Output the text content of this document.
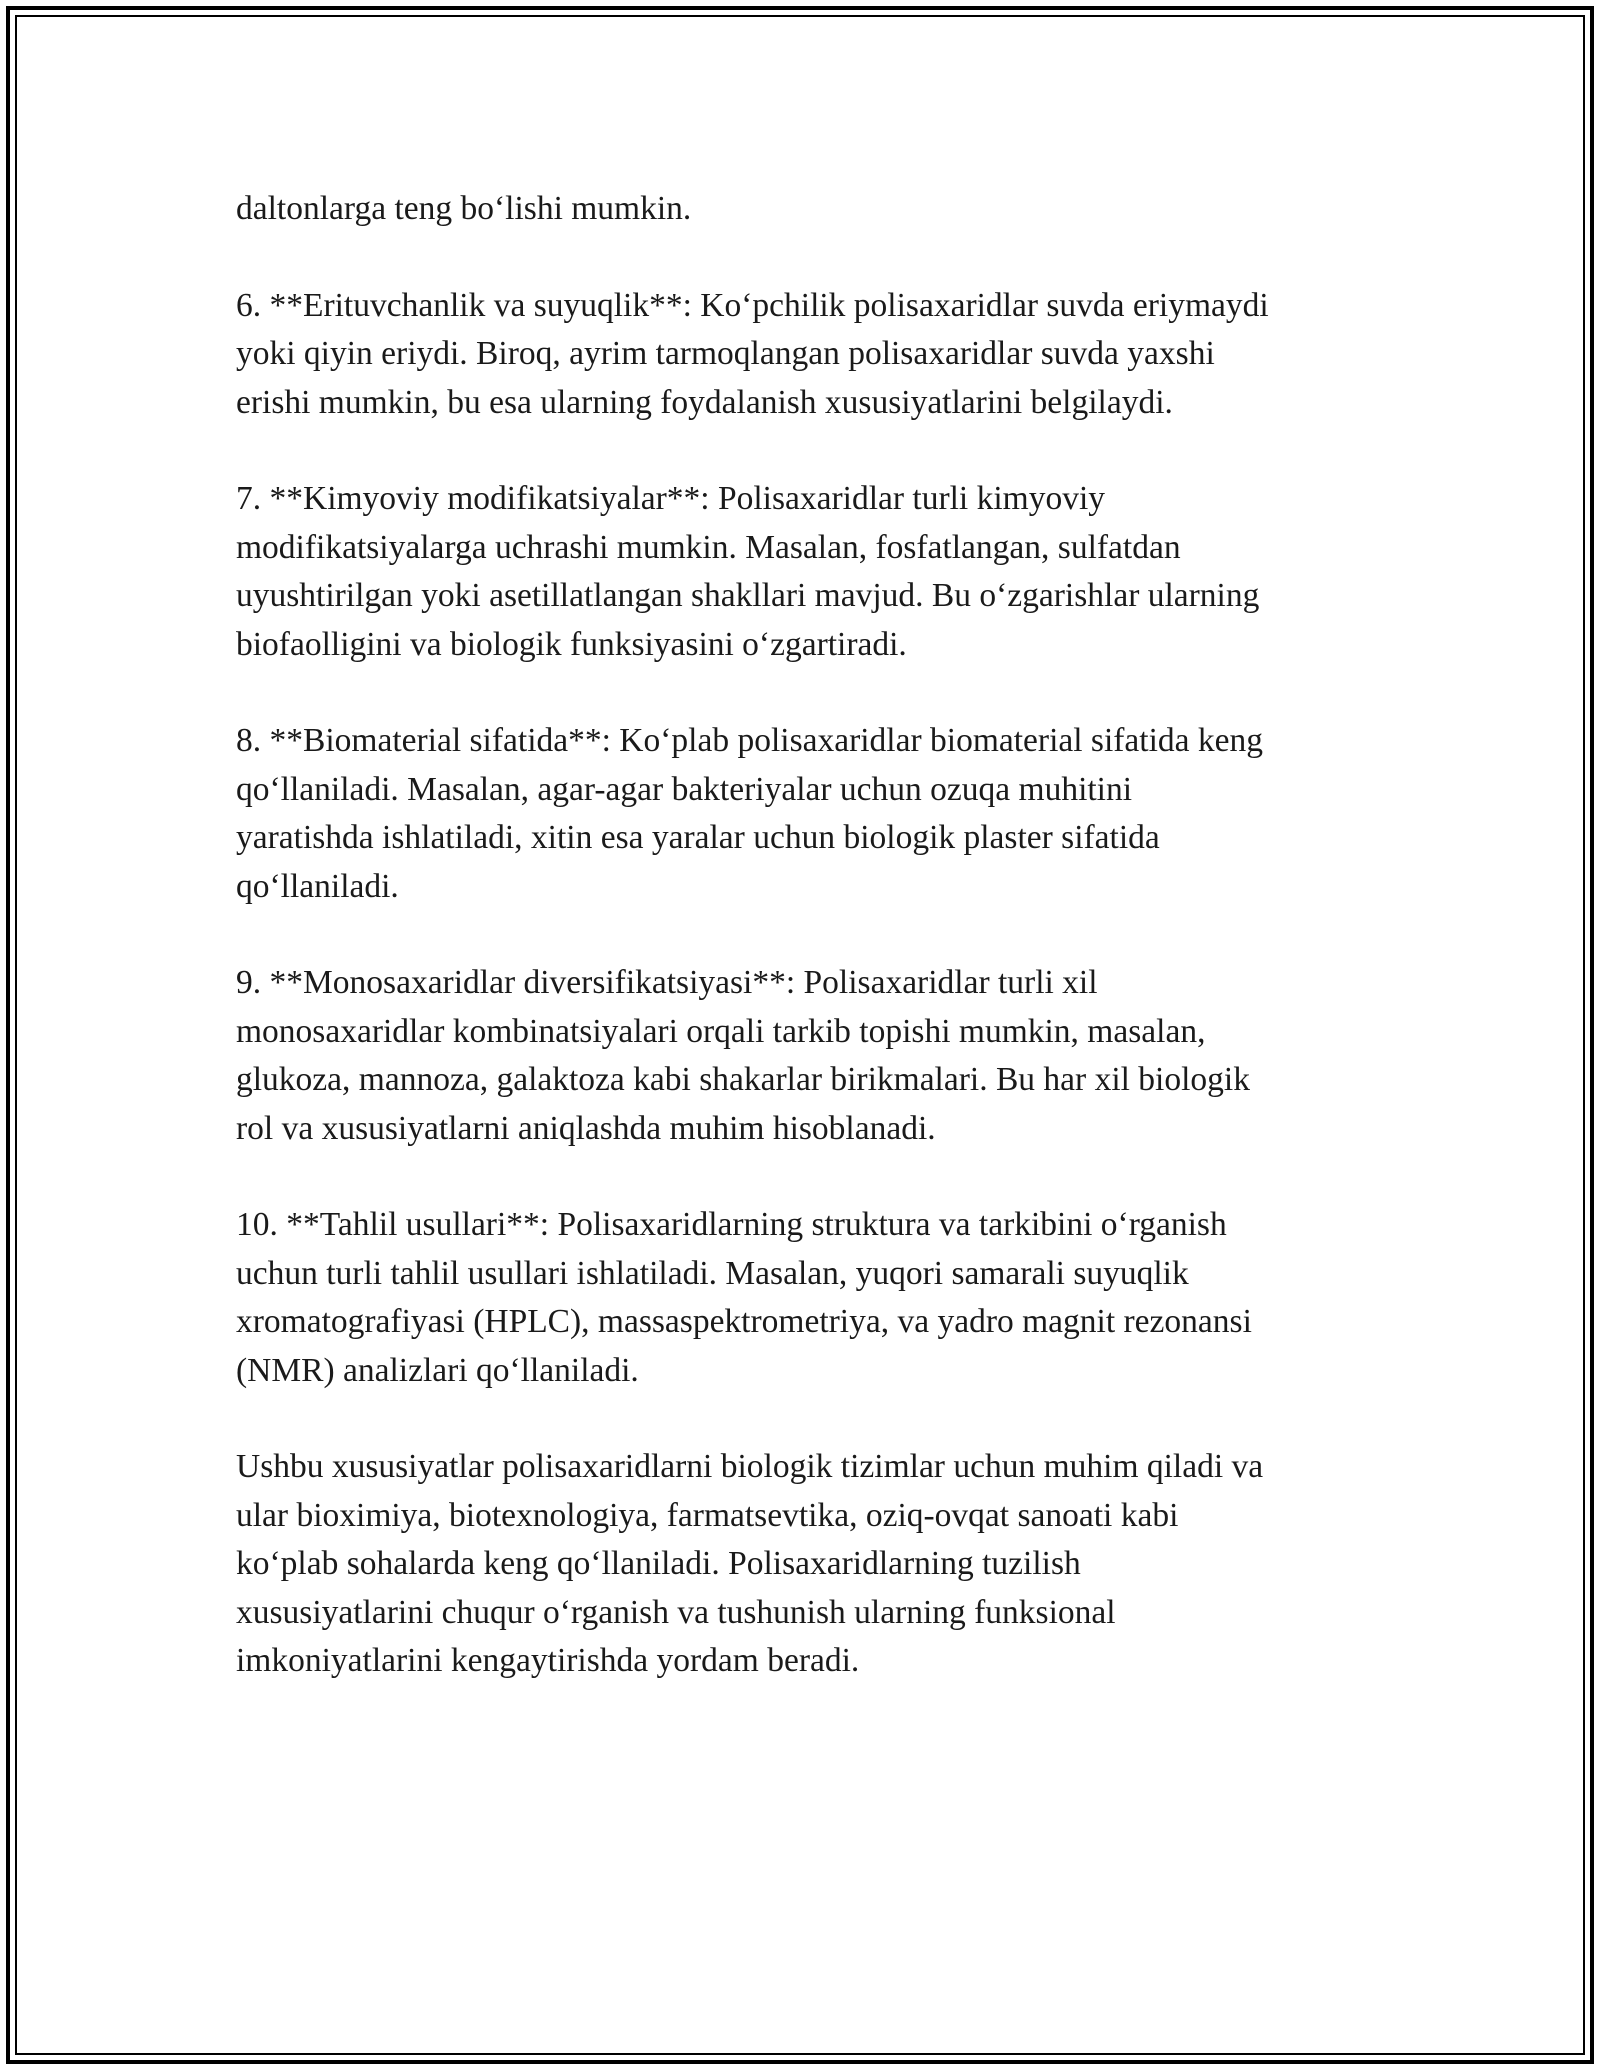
daltonlarga teng bo‘lishi mumkin.

6. **Erituvchanlik va suyuqlik**: Ko‘pchilik polisaxaridlar suvda eriymaydi
yoki qiyin eriydi. Biroq, ayrim tarmoqlangan polisaxaridlar suvda yaxshi
erishi mumkin, bu esa ularning foydalanish xususiyatlarini belgilaydi.

7. **Kimyoviy modifikatsiyalar**: Polisaxaridlar turli kimyoviy
modifikatsiyalarga uchrashi mumkin. Masalan, fosfatlangan, sulfatdan
uyushtirilgan yoki asetillatlangan shakllari mavjud. Bu o‘zgarishlar ularning
biofaolligini va biologik funksiyasini o‘zgartiradi.

8. **Biomaterial sifatida**: Ko‘plab polisaxaridlar biomaterial sifatida keng
qo‘llaniladi. Masalan, agar-agar bakteriyalar uchun ozuqa muhitini
yaratishda ishlatiladi, xitin esa yaralar uchun biologik plaster sifatida
qo‘llaniladi.

9. **Monosaxaridlar diversifikatsiyasi**: Polisaxaridlar turli xil
monosaxaridlar kombinatsiyalari orqali tarkib topishi mumkin, masalan,
glukoza, mannoza, galaktoza kabi shakarlar birikmalari. Bu har xil biologik
rol va xususiyatlarni aniqlashda muhim hisoblanadi.

10. **Tahlil usullari**: Polisaxaridlarning struktura va tarkibini o‘rganish
uchun turli tahlil usullari ishlatiladi. Masalan, yuqori samarali suyuqlik
xromatografiyasi (HPLC), massaspektrometriya, va yadro magnit rezonansi
(NMR) analizlari qo‘llaniladi.

Ushbu xususiyatlar polisaxaridlarni biologik tizimlar uchun muhim qiladi va
ular bioximiya, biotexnologiya, farmatsevtika, oziq-ovqat sanoati kabi
ko‘plab sohalarda keng qo‘llaniladi. Polisaxaridlarning tuzilish
xususiyatlarini chuqur o‘rganish va tushunish ularning funksional
imkoniyatlarini kengaytirishda yordam beradi.
